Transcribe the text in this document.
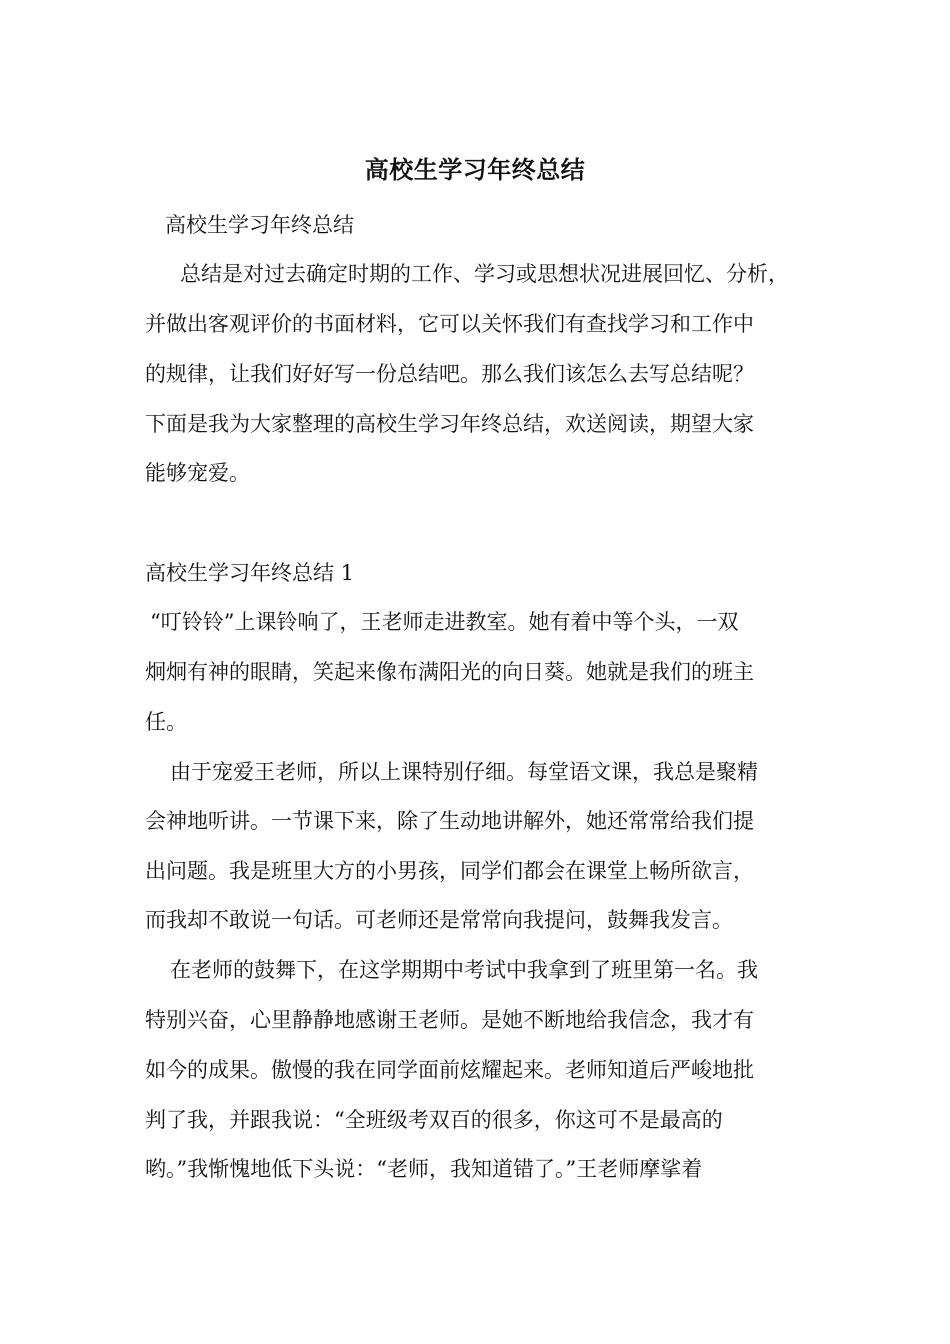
高校生学习年终总结
高校生学习年终总结
总结是对过去确定时期的工作、学习或思想状况进展回忆、分析，
并做出客观评价的书面材料，它可以关怀我们有查找学习和工作中
的规律，让我们好好写一份总结吧。那么我们该怎么去写总结呢？
下面是我为大家整理的高校生学习年终总结，欢送阅读，期望大家
能够宠爱。
高校生学习年终总结 1
“叮铃铃”上课铃响了，王老师走进教室。她有着中等个头，一双
炯炯有神的眼睛，笑起来像布满阳光的向日葵。她就是我们的班主
任。
由于宠爱王老师，所以上课特别仔细。每堂语文课，我总是聚精
会神地听讲。一节课下来，除了生动地讲解外，她还常常给我们提
出问题。我是班里大方的小男孩，同学们都会在课堂上畅所欲言，
而我却不敢说一句话。可老师还是常常向我提问，鼓舞我发言。
在老师的鼓舞下，在这学期期中考试中我拿到了班里第一名。我
特别兴奋，心里静静地感谢王老师。是她不断地给我信念，我才有
如今的成果。傲慢的我在同学面前炫耀起来。老师知道后严峻地批
判了我，并跟我说：“全班级考双百的很多，你这可不是最高的
哟。”我惭愧地低下头说：“老师，我知道错了。”王老师摩挲着
